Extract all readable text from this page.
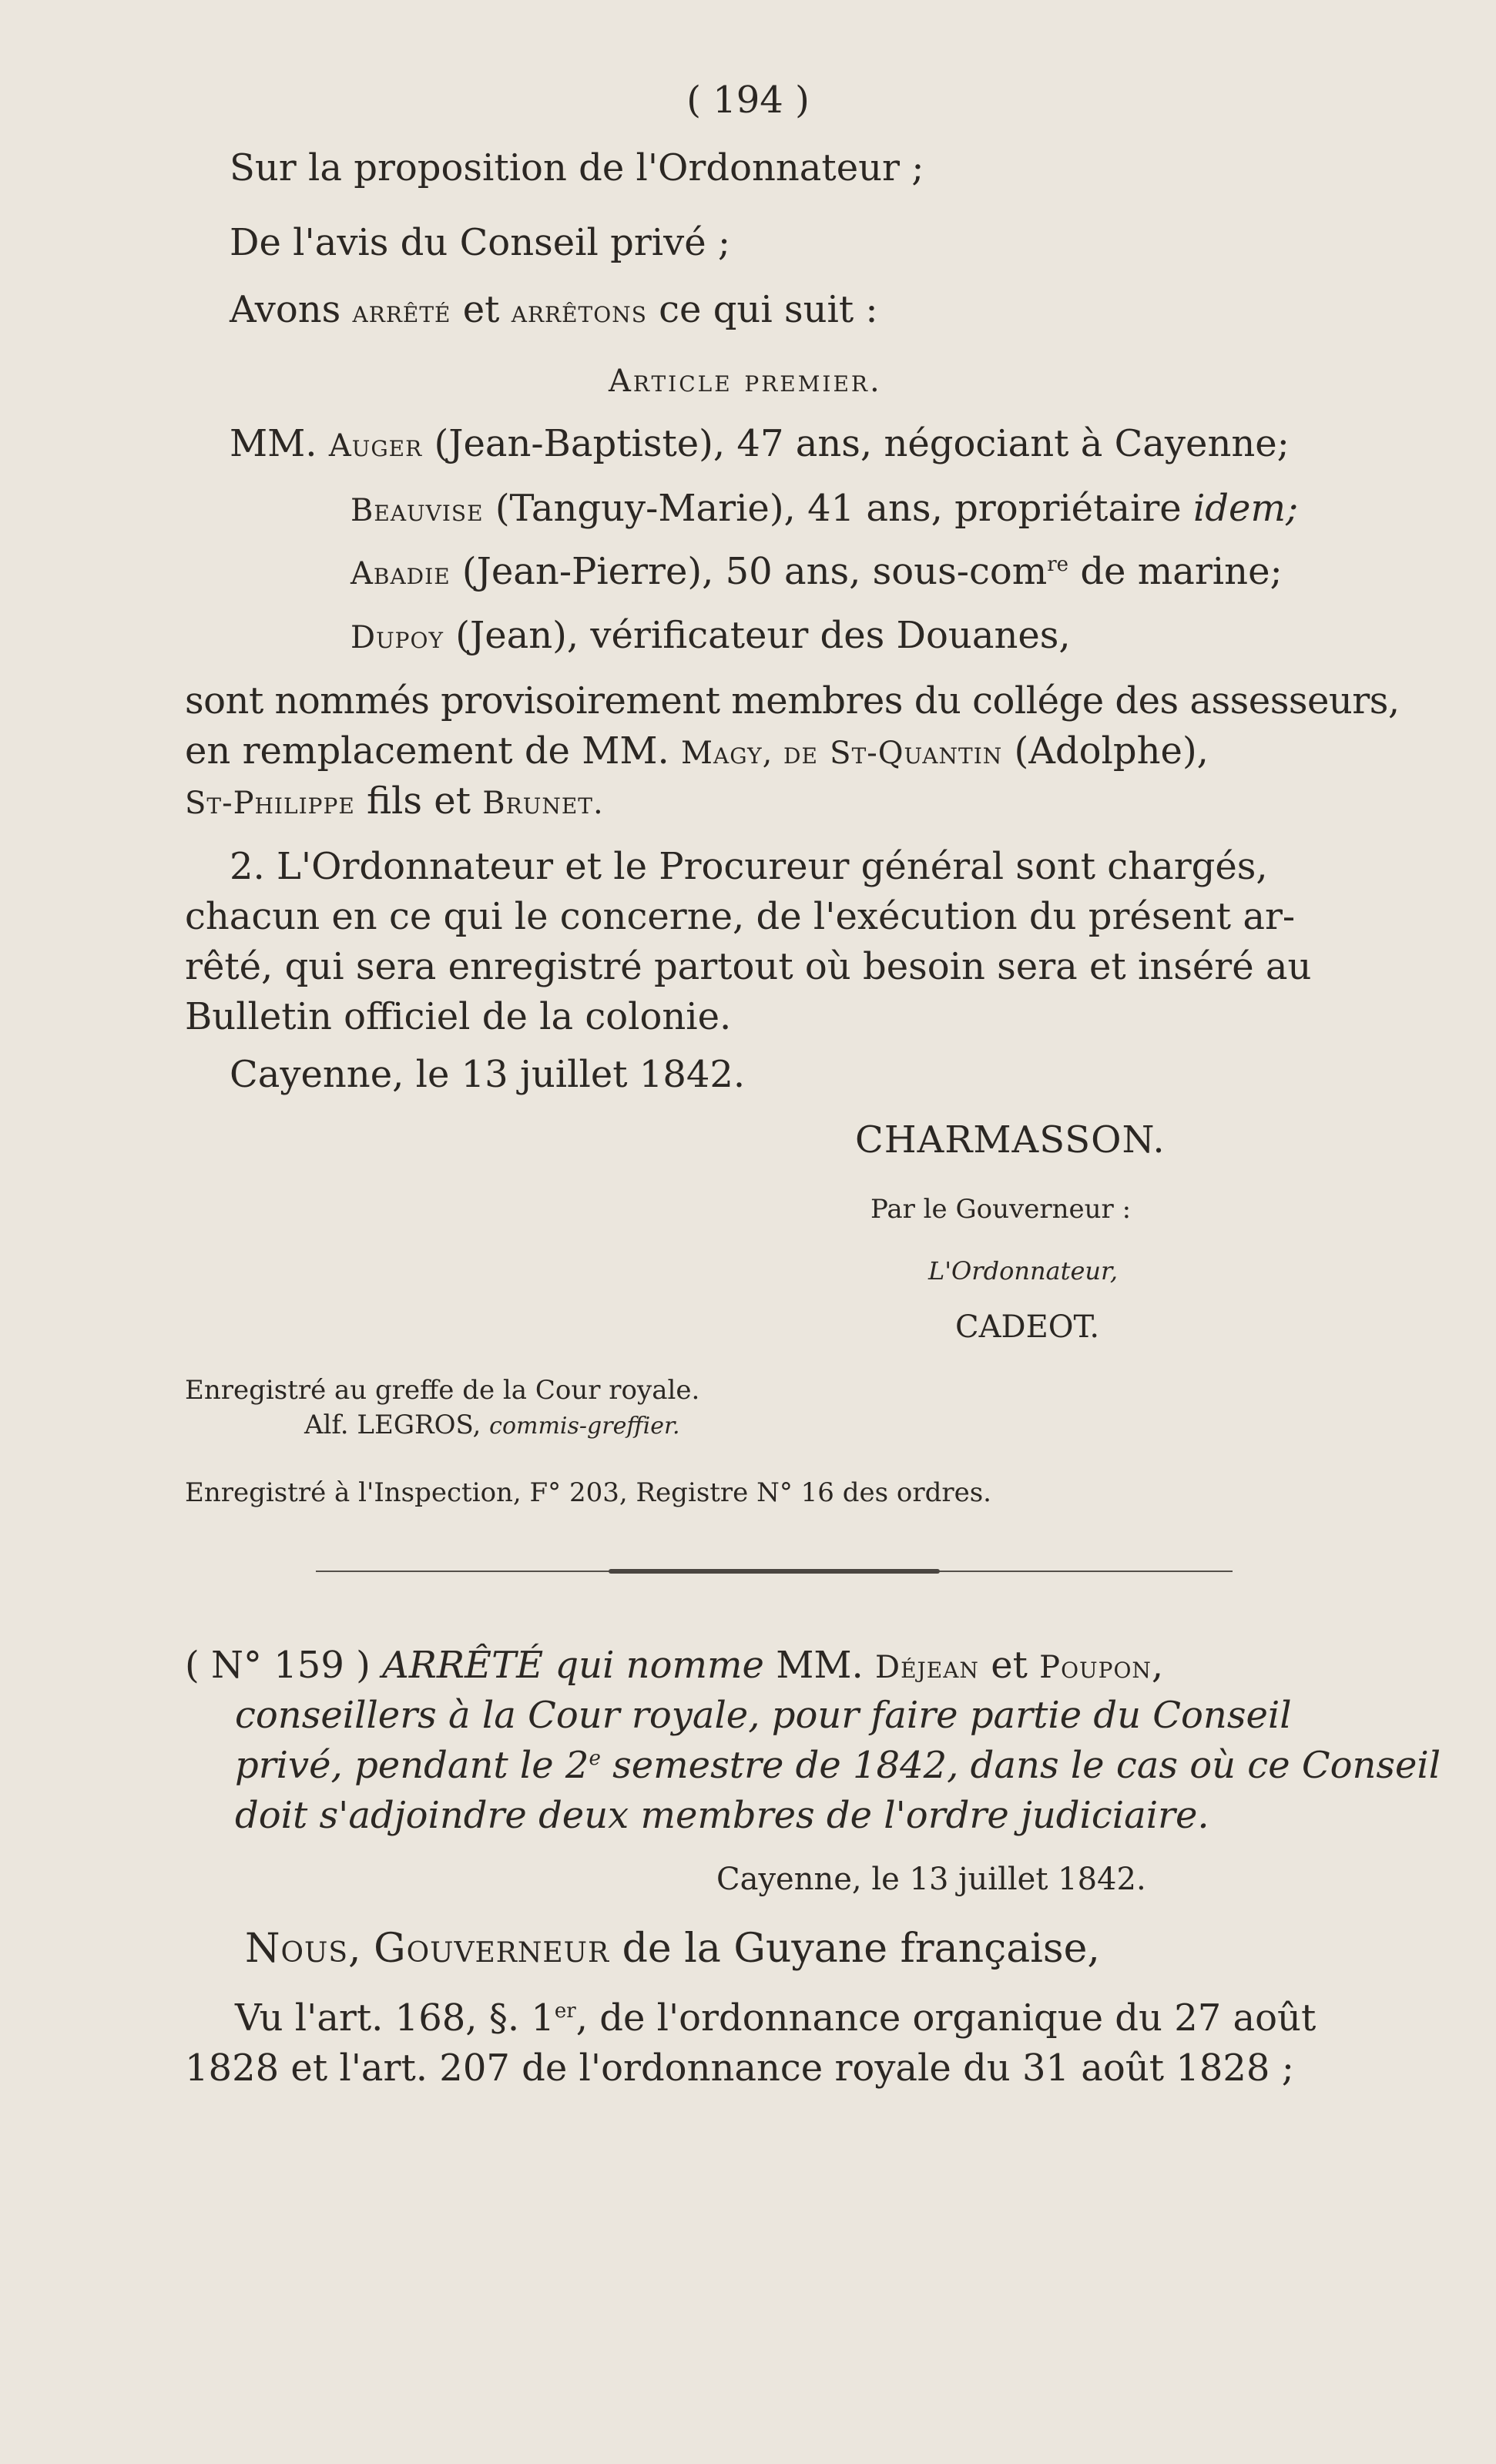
( 194 )
Sur la proposition de l'Ordonnateur ;
De l'avis du Conseil privé ;
Avons arrêté et arrêtons ce qui suit :
Article premier.
MM. Auger (Jean-Baptiste), 47 ans, négociant à Cayenne;
Beauvise (Tanguy-Marie), 41 ans, propriétaire idem;
Abadie (Jean-Pierre), 50 ans, sous-com$^{re}$ de marine;
Dupoy (Jean), vérificateur des Douanes,
sont nommés provisoirement membres du collége des assesseurs,
en remplacement de MM. Magy, de St-Quantin (Adolphe),
St-Philippe fils et Brunet.
2. L'Ordonnateur et le Procureur général sont chargés,
chacun en ce qui le concerne, de l'exécution du présent ar-
rêté, qui sera enregistré partout où besoin sera et inséré au
Bulletin officiel de la colonie.
Cayenne, le 13 juillet 1842.
CHARMASSON.
Par le Gouverneur :
L'Ordonnateur,
CADEOT.
Enregistré au greffe de la Cour royale.
Alf. LEGROS, commis-greffier.
Enregistré à l'Inspection, F° 203, Registre N° 16 des ordres.
( N° 159 ) ARRÊTÉ qui nomme MM. Déjean et Poupon,
conseillers à la Cour royale, pour faire partie du Conseil
privé, pendant le 2e semestre de 1842, dans le cas où ce Conseil
doit s'adjoindre deux membres de l'ordre judiciaire.
Cayenne, le 13 juillet 1842.
Nous, Gouverneur de la Guyane française,
Vu l'art. 168, §. 1er, de l'ordonnance organique du 27 août
1828 et l'art. 207 de l'ordonnance royale du 31 août 1828 ;
